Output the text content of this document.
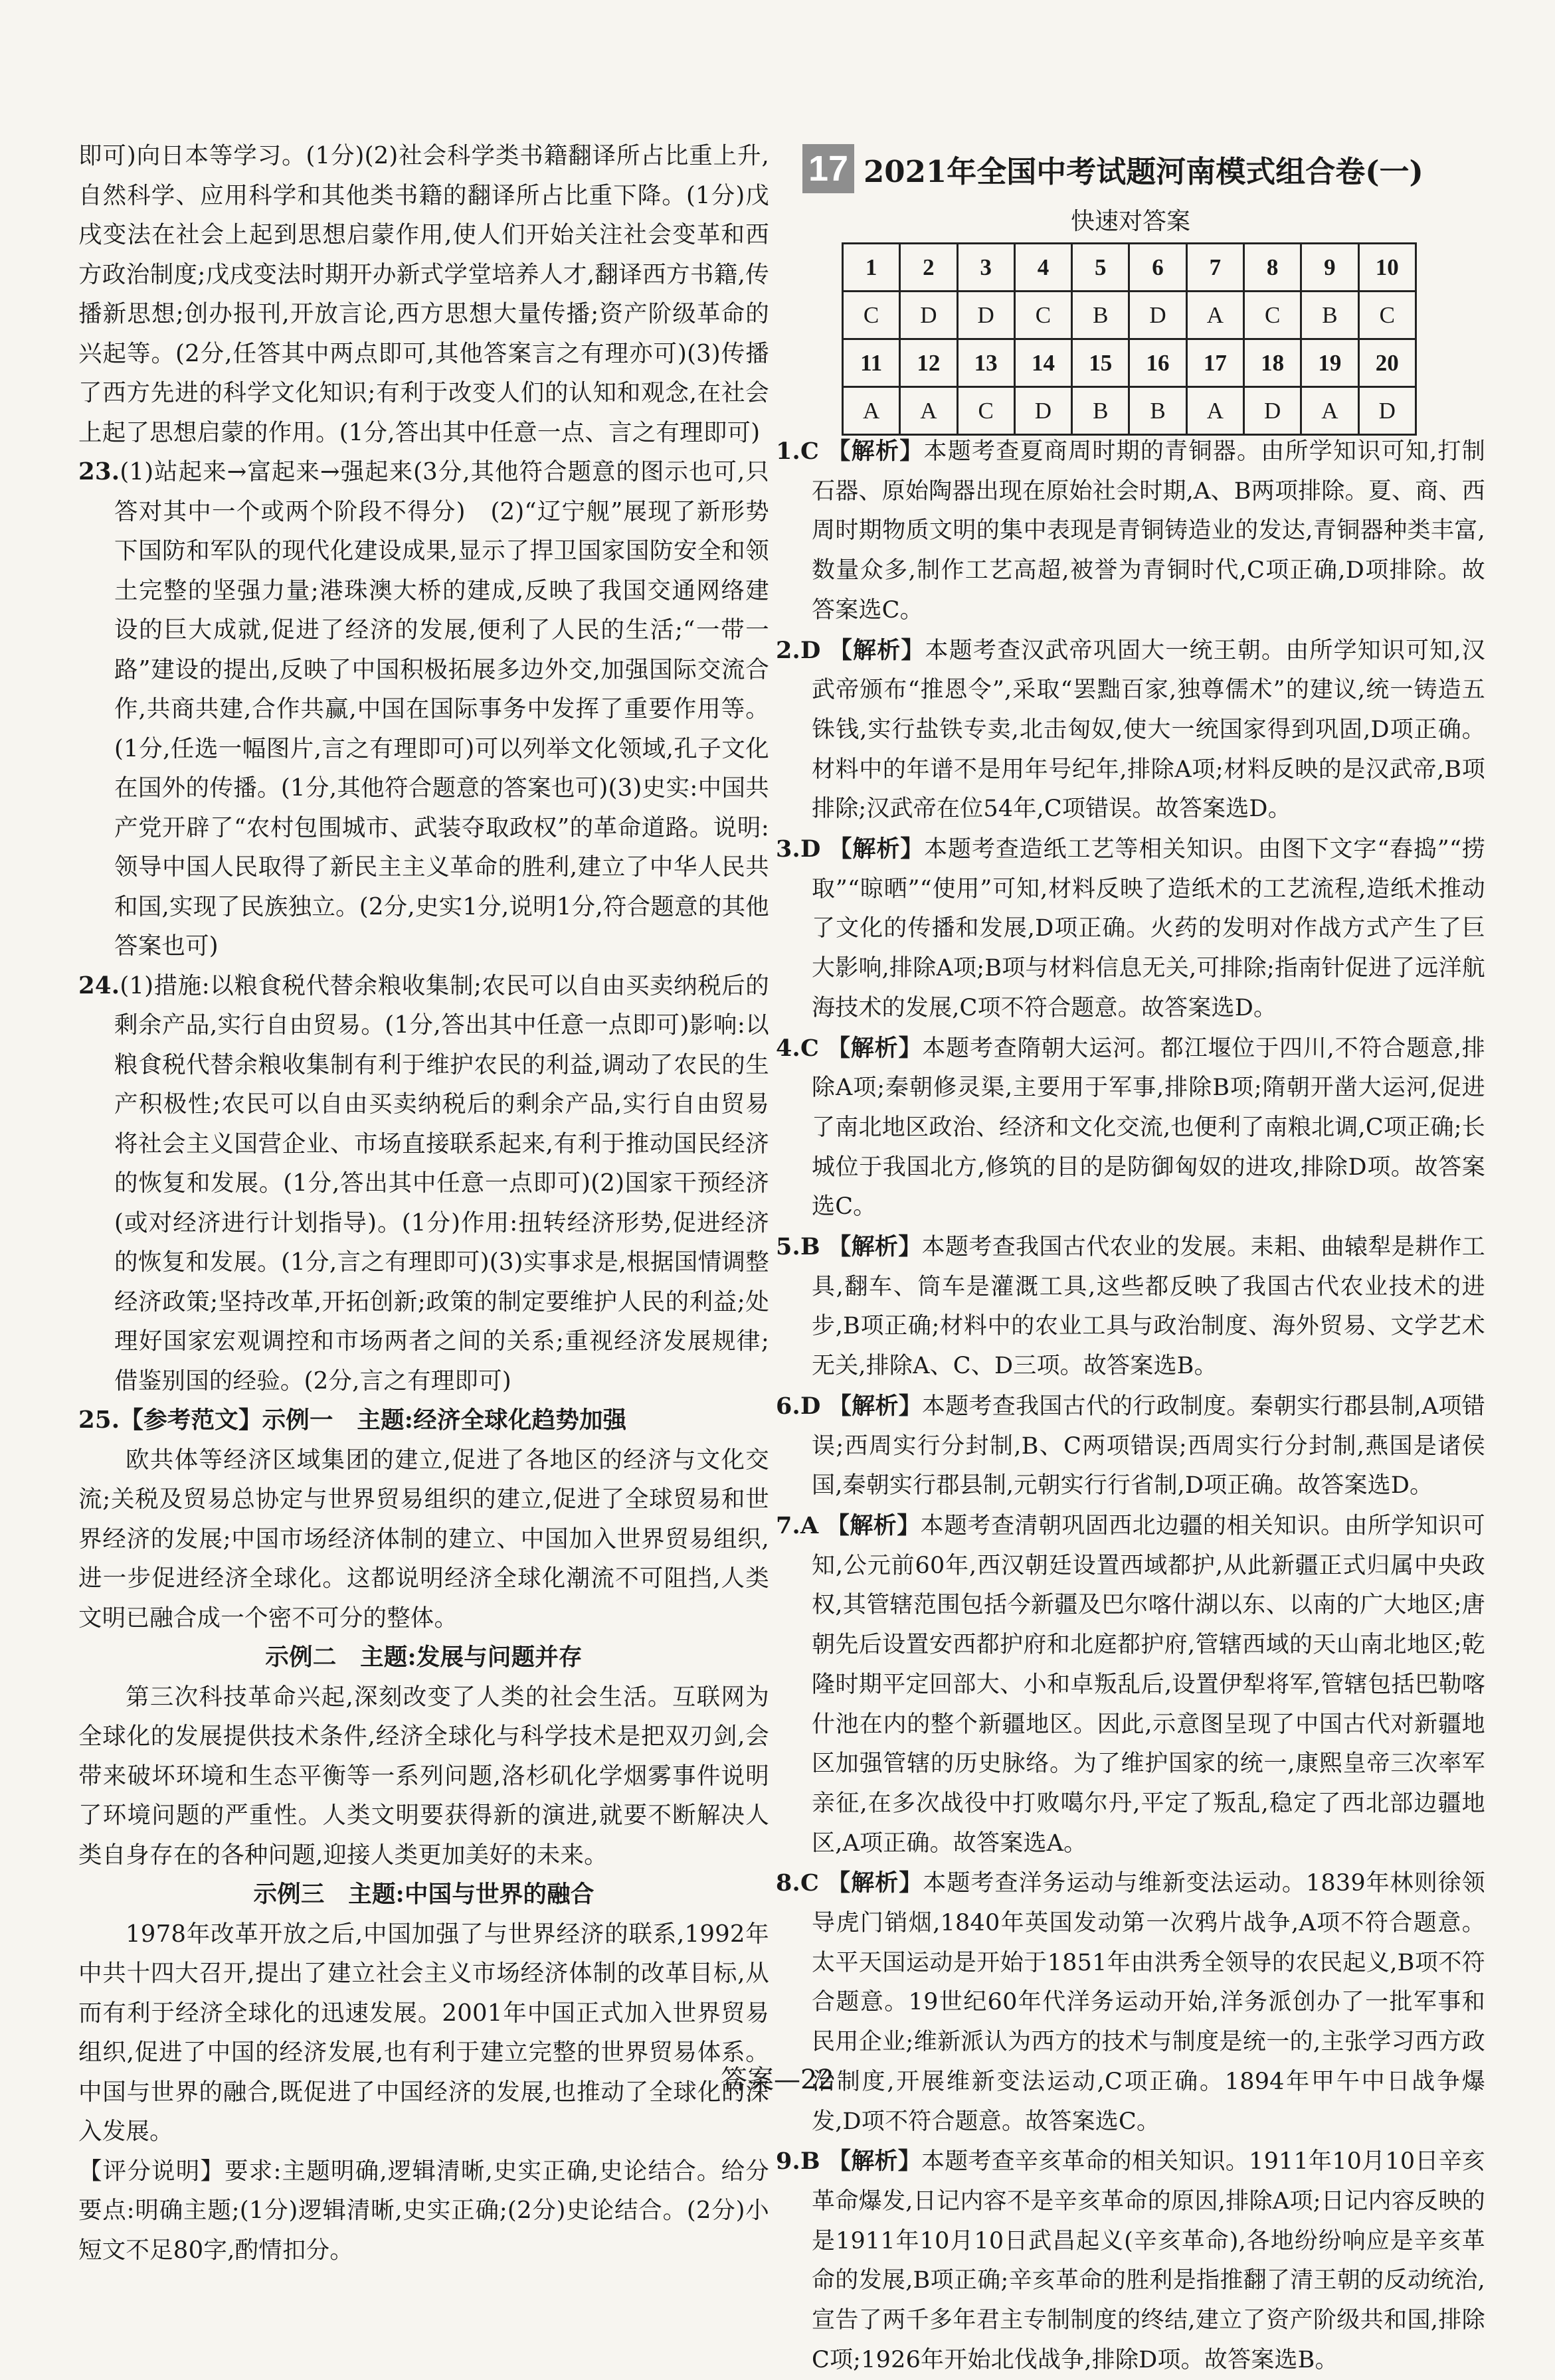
即可)向日本等学习。(1分)(2)社会科学类书籍翻译所占比重上升,自然科学、应用科学和其他类书籍的翻译所占比重下降。(1分)戊戌变法在社会上起到思想启蒙作用,使人们开始关注社会变革和西方政治制度;戊戌变法时期开办新式学堂培养人才,翻译西方书籍,传播新思想;创办报刊,开放言论,西方思想大量传播;资产阶级革命的兴起等。(2分,任答其中两点即可,其他答案言之有理亦可)(3)传播了西方先进的科学文化知识;有利于改变人们的认知和观念,在社会上起了思想启蒙的作用。(1分,答出其中任意一点、言之有理即可)

23.(1)站起来→富起来→强起来(3分,其他符合题意的图示也可,只答对其中一个或两个阶段不得分)　(2)“辽宁舰”展现了新形势下国防和军队的现代化建设成果,显示了捍卫国家国防安全和领土完整的坚强力量;港珠澳大桥的建成,反映了我国交通网络建设的巨大成就,促进了经济的发展,便利了人民的生活;“一带一路”建设的提出,反映了中国积极拓展多边外交,加强国际交流合作,共商共建,合作共赢,中国在国际事务中发挥了重要作用等。(1分,任选一幅图片,言之有理即可)可以列举文化领域,孔子文化在国外的传播。(1分,其他符合题意的答案也可)(3)史实:中国共产党开辟了“农村包围城市、武装夺取政权”的革命道路。说明:领导中国人民取得了新民主主义革命的胜利,建立了中华人民共和国,实现了民族独立。(2分,史实1分,说明1分,符合题意的其他答案也可)

24.(1)措施:以粮食税代替余粮收集制;农民可以自由买卖纳税后的剩余产品,实行自由贸易。(1分,答出其中任意一点即可)影响:以粮食税代替余粮收集制有利于维护农民的利益,调动了农民的生产积极性;农民可以自由买卖纳税后的剩余产品,实行自由贸易将社会主义国营企业、市场直接联系起来,有利于推动国民经济的恢复和发展。(1分,答出其中任意一点即可)(2)国家干预经济(或对经济进行计划指导)。(1分)作用:扭转经济形势,促进经济的恢复和发展。(1分,言之有理即可)(3)实事求是,根据国情调整经济政策;坚持改革,开拓创新;政策的制定要维护人民的利益;处理好国家宏观调控和市场两者之间的关系;重视经济发展规律;借鉴别国的经验。(2分,言之有理即可)

25.【参考范文】示例一　主题:经济全球化趋势加强

欧共体等经济区域集团的建立,促进了各地区的经济与文化交流;关税及贸易总协定与世界贸易组织的建立,促进了全球贸易和世界经济的发展;中国市场经济体制的建立、中国加入世界贸易组织,进一步促进经济全球化。这都说明经济全球化潮流不可阻挡,人类文明已融合成一个密不可分的整体。

示例二　主题:发展与问题并存

第三次科技革命兴起,深刻改变了人类的社会生活。互联网为全球化的发展提供技术条件,经济全球化与科学技术是把双刃剑,会带来破坏环境和生态平衡等一系列问题,洛杉矶化学烟雾事件说明了环境问题的严重性。人类文明要获得新的演进,就要不断解决人类自身存在的各种问题,迎接人类更加美好的未来。

示例三　主题:中国与世界的融合

1978年改革开放之后,中国加强了与世界经济的联系,1992年中共十四大召开,提出了建立社会主义市场经济体制的改革目标,从而有利于经济全球化的迅速发展。2001年中国正式加入世界贸易组织,促进了中国的经济发展,也有利于建立完整的世界贸易体系。中国与世界的融合,既促进了中国经济的发展,也推动了全球化的深入发展。

【评分说明】要求:主题明确,逻辑清晰,史实正确,史论结合。给分要点:明确主题;(1分)逻辑清晰,史实正确;(2分)史论结合。(2分)小短文不足80字,酌情扣分。

17 2021年全国中考试题河南模式组合卷(一)
快速对答案
1	2	3	4	5	6	7	8	9	10
C	D	D	C	B	D	A	C	B	C
11	12	13	14	15	16	17	18	19	20
A	A	C	D	B	B	A	D	A	D

1.C 【解析】本题考查夏商周时期的青铜器。由所学知识可知,打制石器、原始陶器出现在原始社会时期,A、B两项排除。夏、商、西周时期物质文明的集中表现是青铜铸造业的发达,青铜器种类丰富,数量众多,制作工艺高超,被誉为青铜时代,C项正确,D项排除。故答案选C。

2.D 【解析】本题考查汉武帝巩固大一统王朝。由所学知识可知,汉武帝颁布“推恩令”,采取“罢黜百家,独尊儒术”的建议,统一铸造五铢钱,实行盐铁专卖,北击匈奴,使大一统国家得到巩固,D项正确。材料中的年谱不是用年号纪年,排除A项;材料反映的是汉武帝,B项排除;汉武帝在位54年,C项错误。故答案选D。

3.D 【解析】本题考查造纸工艺等相关知识。由图下文字“舂捣”“捞取”“晾晒”“使用”可知,材料反映了造纸术的工艺流程,造纸术推动了文化的传播和发展,D项正确。火药的发明对作战方式产生了巨大影响,排除A项;B项与材料信息无关,可排除;指南针促进了远洋航海技术的发展,C项不符合题意。故答案选D。

4.C 【解析】本题考查隋朝大运河。都江堰位于四川,不符合题意,排除A项;秦朝修灵渠,主要用于军事,排除B项;隋朝开凿大运河,促进了南北地区政治、经济和文化交流,也便利了南粮北调,C项正确;长城位于我国北方,修筑的目的是防御匈奴的进攻,排除D项。故答案选C。

5.B 【解析】本题考查我国古代农业的发展。耒耜、曲辕犁是耕作工具,翻车、筒车是灌溉工具,这些都反映了我国古代农业技术的进步,B项正确;材料中的农业工具与政治制度、海外贸易、文学艺术无关,排除A、C、D三项。故答案选B。

6.D 【解析】本题考查我国古代的行政制度。秦朝实行郡县制,A项错误;西周实行分封制,B、C两项错误;西周实行分封制,燕国是诸侯国,秦朝实行郡县制,元朝实行行省制,D项正确。故答案选D。

7.A 【解析】本题考查清朝巩固西北边疆的相关知识。由所学知识可知,公元前60年,西汉朝廷设置西域都护,从此新疆正式归属中央政权,其管辖范围包括今新疆及巴尔喀什湖以东、以南的广大地区;唐朝先后设置安西都护府和北庭都护府,管辖西域的天山南北地区;乾隆时期平定回部大、小和卓叛乱后,设置伊犁将军,管辖包括巴勒喀什池在内的整个新疆地区。因此,示意图呈现了中国古代对新疆地区加强管辖的历史脉络。为了维护国家的统一,康熙皇帝三次率军亲征,在多次战役中打败噶尔丹,平定了叛乱,稳定了西北部边疆地区,A项正确。故答案选A。

8.C 【解析】本题考查洋务运动与维新变法运动。1839年林则徐领导虎门销烟,1840年英国发动第一次鸦片战争,A项不符合题意。太平天国运动是开始于1851年由洪秀全领导的农民起义,B项不符合题意。19世纪60年代洋务运动开始,洋务派创办了一批军事和民用企业;维新派认为西方的技术与制度是统一的,主张学习西方政治制度,开展维新变法运动,C项正确。1894年甲午中日战争爆发,D项不符合题意。故答案选C。

9.B 【解析】本题考查辛亥革命的相关知识。1911年10月10日辛亥革命爆发,日记内容不是辛亥革命的原因,排除A项;日记内容反映的是1911年10月10日武昌起义(辛亥革命),各地纷纷响应是辛亥革命的发展,B项正确;辛亥革命的胜利是指推翻了清王朝的反动统治,宣告了两千多年君主专制制度的终结,建立了资产阶级共和国,排除C项;1926年开始北伐战争,排除D项。故答案选B。

答案—22
